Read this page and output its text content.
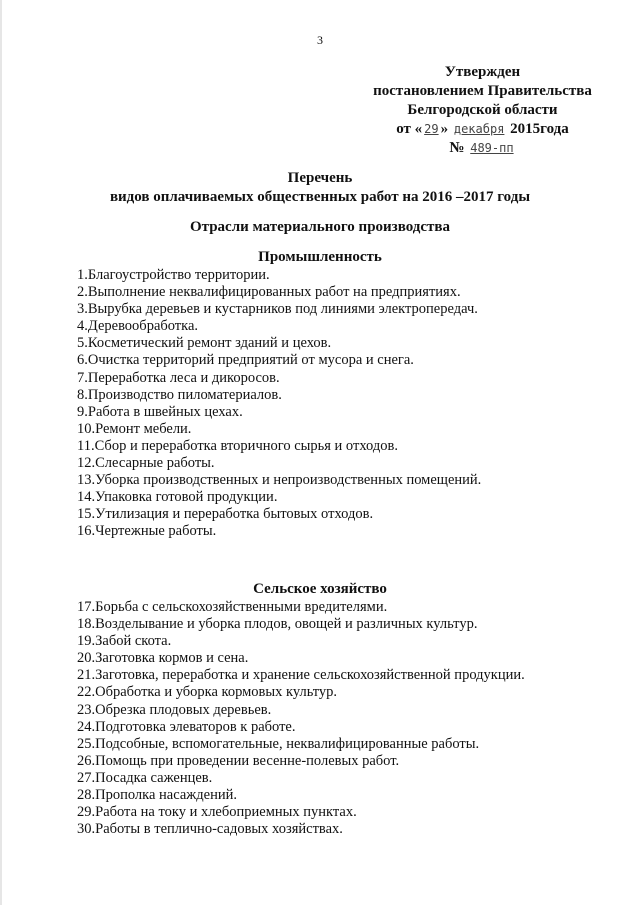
3
Утвержден
постановлением Правительства
Белгородской области
от « 29 » декабря 2015года
№ 489-пп
Перечень
видов оплачиваемых общественных работ на 2016 –2017 годы
Отрасли материального производства
Промышленность
1.Благоустройство территории.
2.Выполнение неквалифицированных работ на предприятиях.
3.Вырубка деревьев и кустарников под линиями электропередач.
4.Деревообработка.
5.Косметический ремонт зданий и цехов.
6.Очистка территорий предприятий от мусора и снега.
7.Переработка леса и дикоросов.
8.Производство пиломатериалов.
9.Работа в швейных цехах.
10.Ремонт мебели.
11.Сбор и переработка вторичного сырья и отходов.
12.Слесарные работы.
13.Уборка производственных и непроизводственных помещений.
14.Упаковка готовой продукции.
15.Утилизация и переработка бытовых отходов.
16.Чертежные работы.
Сельское хозяйство
17.Борьба с сельскохозяйственными вредителями.
18.Возделывание и уборка плодов, овощей и различных культур.
19.Забой скота.
20.Заготовка кормов и сена.
21.Заготовка, переработка и хранение сельскохозяйственной продукции.
22.Обработка и уборка кормовых культур.
23.Обрезка плодовых деревьев.
24.Подготовка элеваторов к работе.
25.Подсобные, вспомогательные, неквалифицированные работы.
26.Помощь при проведении весенне-полевых работ.
27.Посадка саженцев.
28.Прополка насаждений.
29.Работа на току и хлебоприемных пунктах.
30.Работы в теплично-садовых хозяйствах.
